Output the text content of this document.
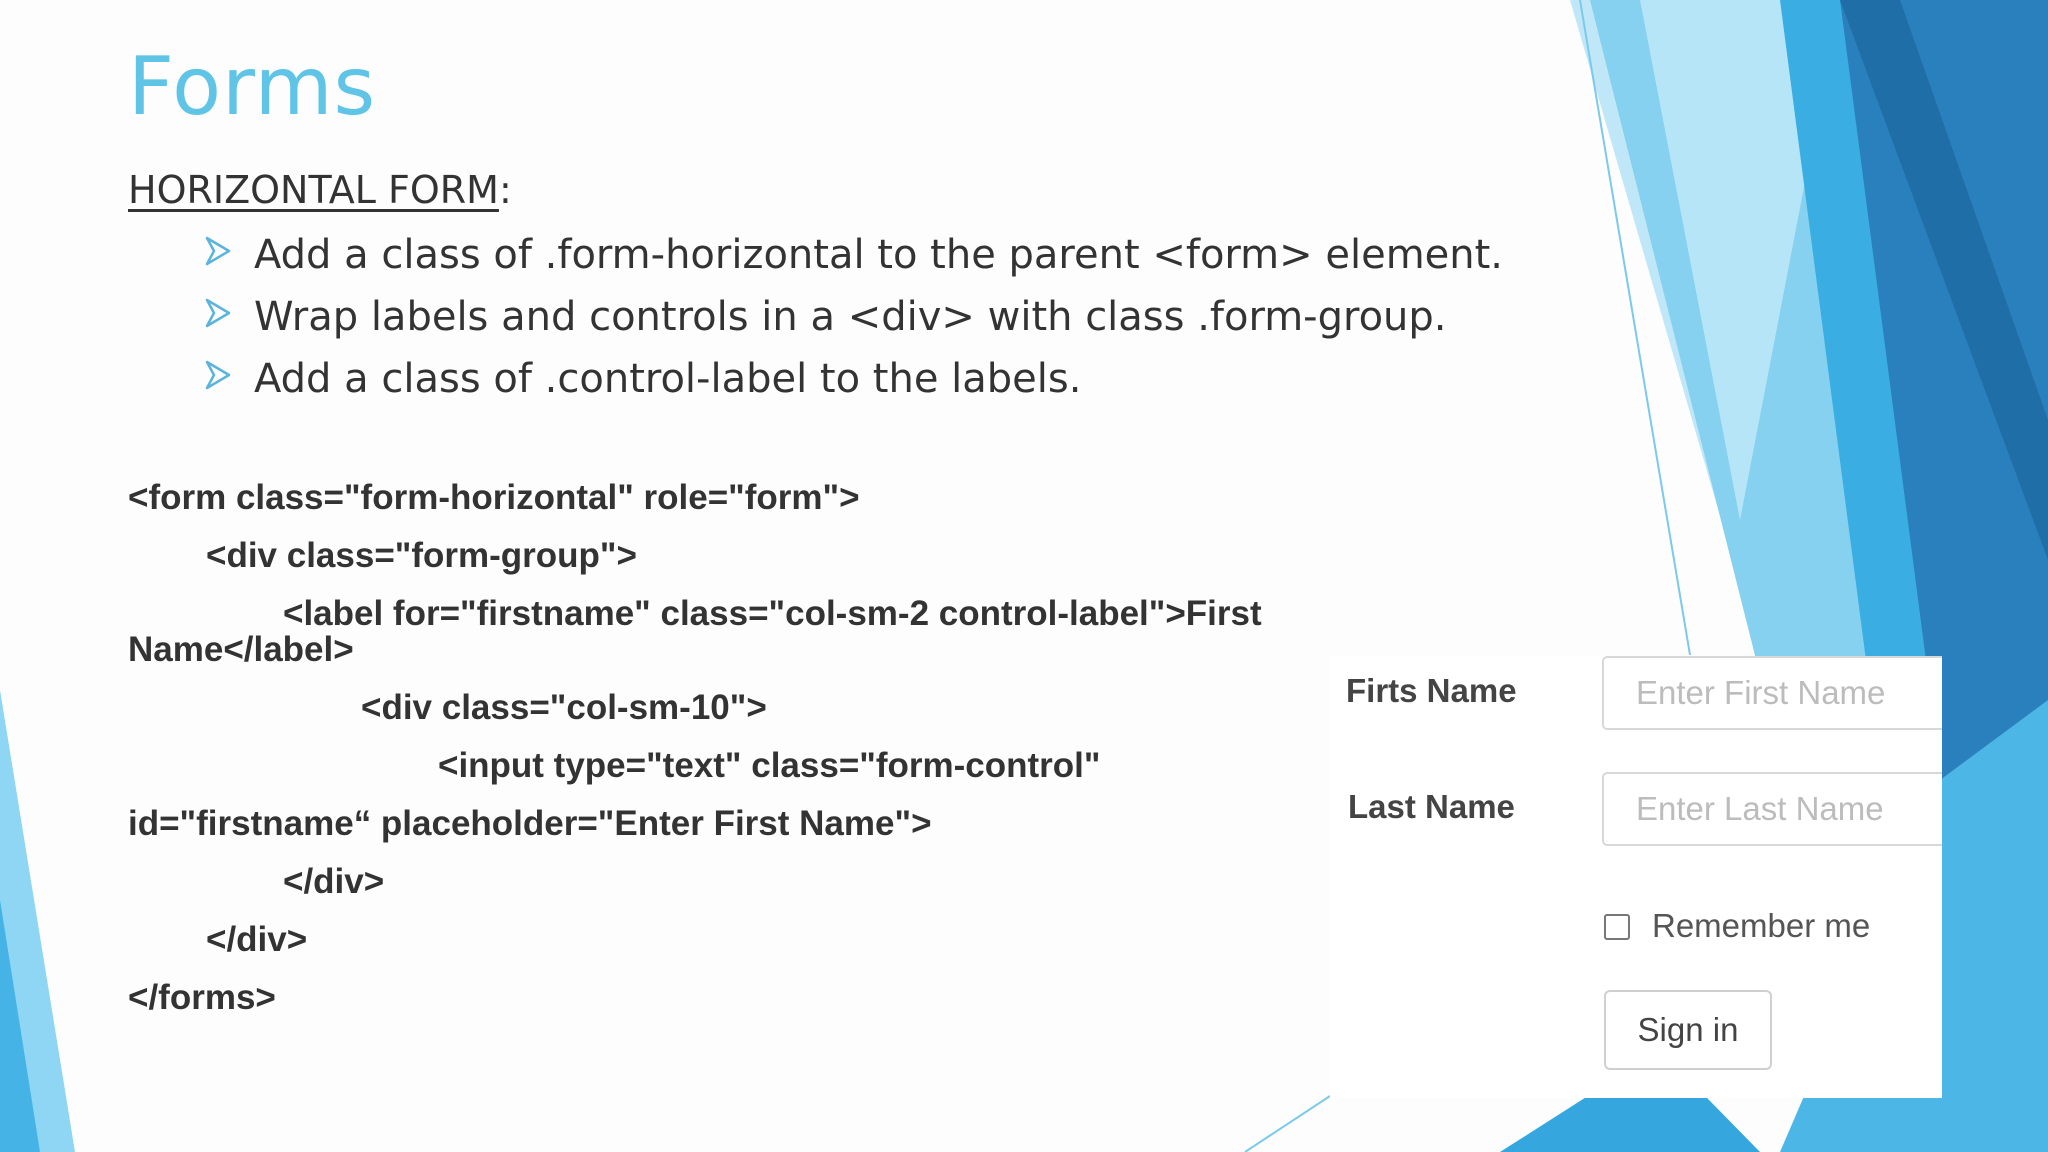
Forms
HORIZONTAL FORM:
Add a class of .form-horizontal to the parent <form> element.
Wrap labels and controls in a <div> with class .form-group.
Add a class of .control-label to the labels.
<form class="form-horizontal" role="form">
<div class="form-group">
<label for="firstname" class="col-sm-2 control-label">First
Name</label>
<div class="col-sm-10">
<input type="text" class="form-control"
id="firstname“ placeholder="Enter First Name">
</div>
</div>
</forms>
Firts Name
Enter First Name
Last Name
Enter Last Name
Remember me
Sign in
